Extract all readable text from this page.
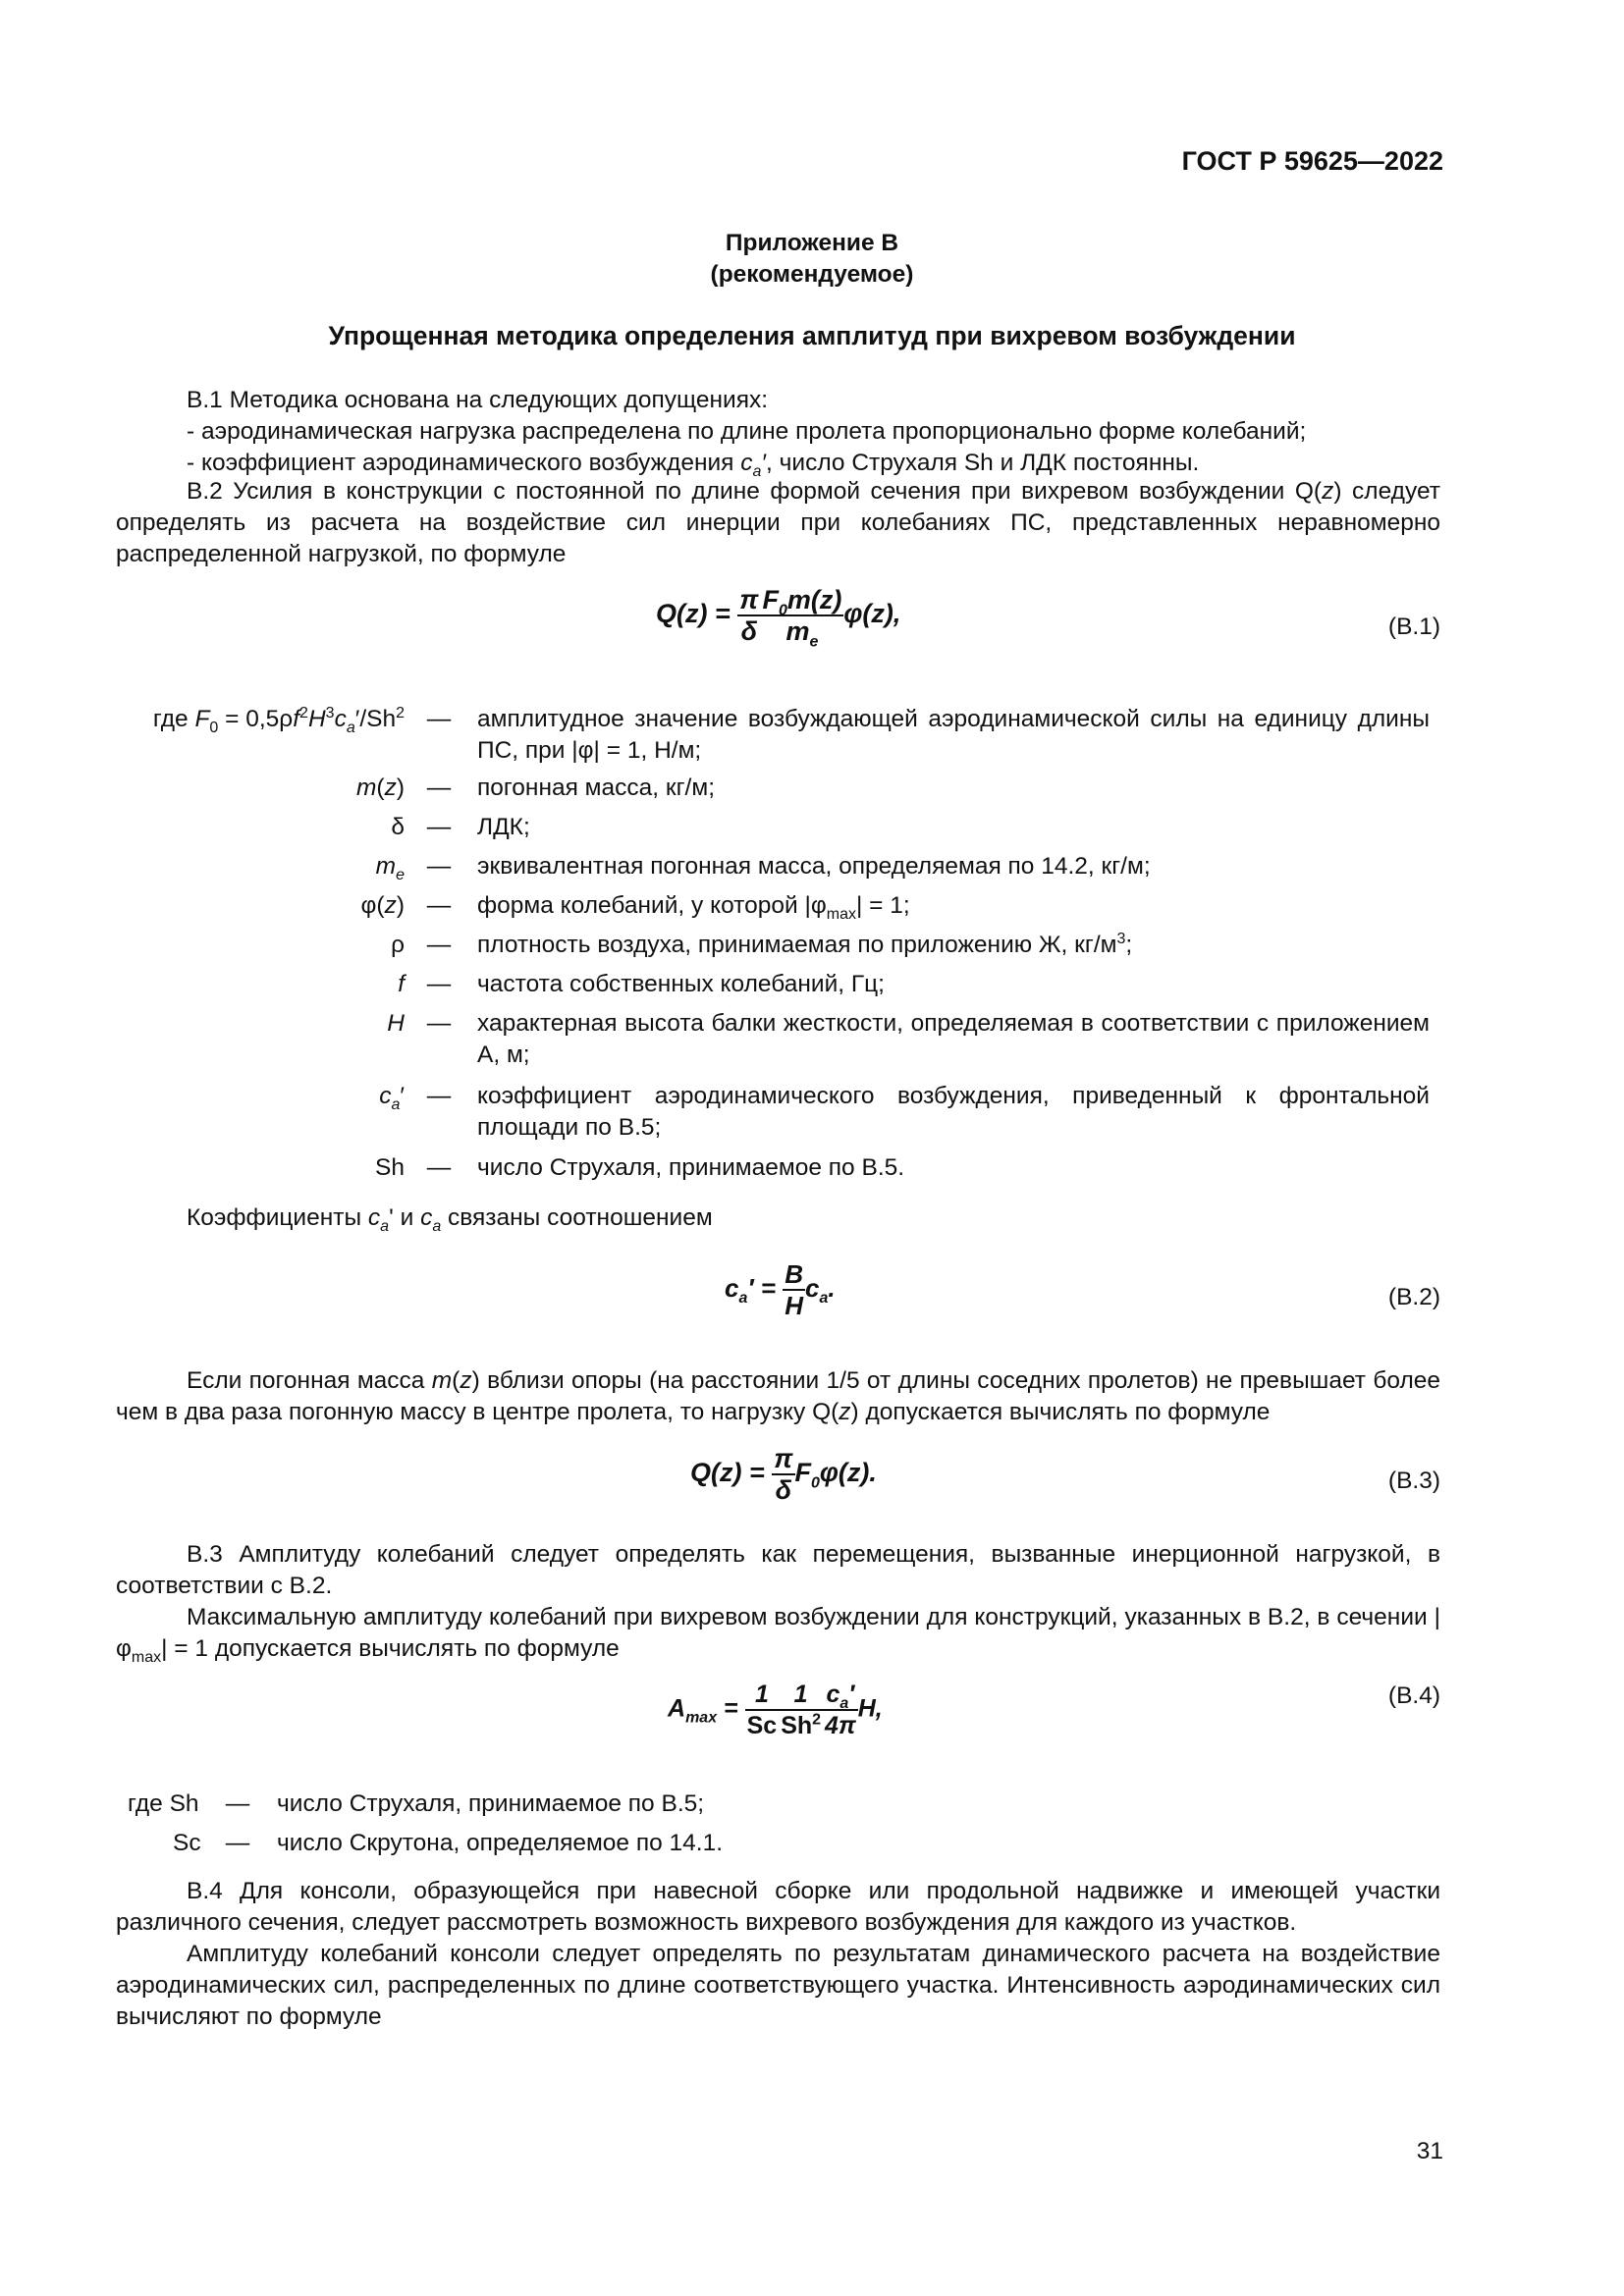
ГОСТ Р 59625—2022
Приложение В
(рекомендуемое)
Упрощенная методика определения амплитуд при вихревом возбуждении
В.1 Методика основана на следующих допущениях:
- аэродинамическая нагрузка распределена по длине пролета пропорционально форме колебаний;
- коэффициент аэродинамического возбуждения $c_a'$, число Струхаля Sh и ЛДК постоянны.
В.2 Усилия в конструкции с постоянной по длине формой сечения при вихревом возбуждении Q(z) следует определять из расчета на воздействие сил инерции при колебаниях ПС, представленных неравномерно распределенной нагрузкой, по формуле
$Q(z) = \frac{\pi}{\delta} \frac{F_0m(z)}{m_e} \varphi(z)$,	(В.1)
где $F_0 = 0,5\rho f^2H^3c_a'/Sh^2$ —	амплитудное значение возбуждающей аэродинамической силы на единицу длины ПС, при |φ| = 1, Н/м;
m(z) —	погонная масса, кг/м;
δ —	ЛДК;
$m_e$ —	эквивалентная погонная масса, определяемая по 14.2, кг/м;
φ(z) —	форма колебаний, у которой $|\varphi_{max}| = 1$;
ρ —	плотность воздуха, принимаемая по приложению Ж, $кг/м^3$;
f —	частота собственных колебаний, Гц;
H —	характерная высота балки жесткости, определяемая в соответствии с приложением А, м;
$c_a'$ —	коэффициент аэродинамического возбуждения, приведенный к фронтальной площади по В.5;
Sh —	число Струхаля, принимаемое по В.5.
Коэффициенты $c_a'$ и $c_a$ связаны соотношением
$c_a' = \frac{B}{H} c_a$.	(В.2)
Если погонная масса m(z) вблизи опоры (на расстоянии 1/5 от длины соседних пролетов) не превышает более чем в два раза погонную массу в центре пролета, то нагрузку Q(z) допускается вычислять по формуле
$Q(z) = \frac{\pi}{\delta} F_0\varphi(z)$.	(В.3)
В.3 Амплитуду колебаний следует определять как перемещения, вызванные инерционной нагрузкой, в соответствии с В.2.
Максимальную амплитуду колебаний при вихревом возбуждении для конструкций, указанных в В.2, в сечении $|\varphi_{max}| = 1$ допускается вычислять по формуле
$A_{max} = \frac{1}{Sc} \frac{1}{Sh^2} \frac{c_a'}{4\pi} H$,	(В.4)
где Sh	—	число Струхаля, принимаемое по В.5;
Sc	—	число Скрутона, определяемое по 14.1.
В.4 Для консоли, образующейся при навесной сборке или продольной надвижке и имеющей участки различного сечения, следует рассмотреть возможность вихревого возбуждения для каждого из участков.
Амплитуду колебаний консоли следует определять по результатам динамического расчета на воздействие аэродинамических сил, распределенных по длине соответствующего участка. Интенсивность аэродинамических сил вычисляют по формуле
31
